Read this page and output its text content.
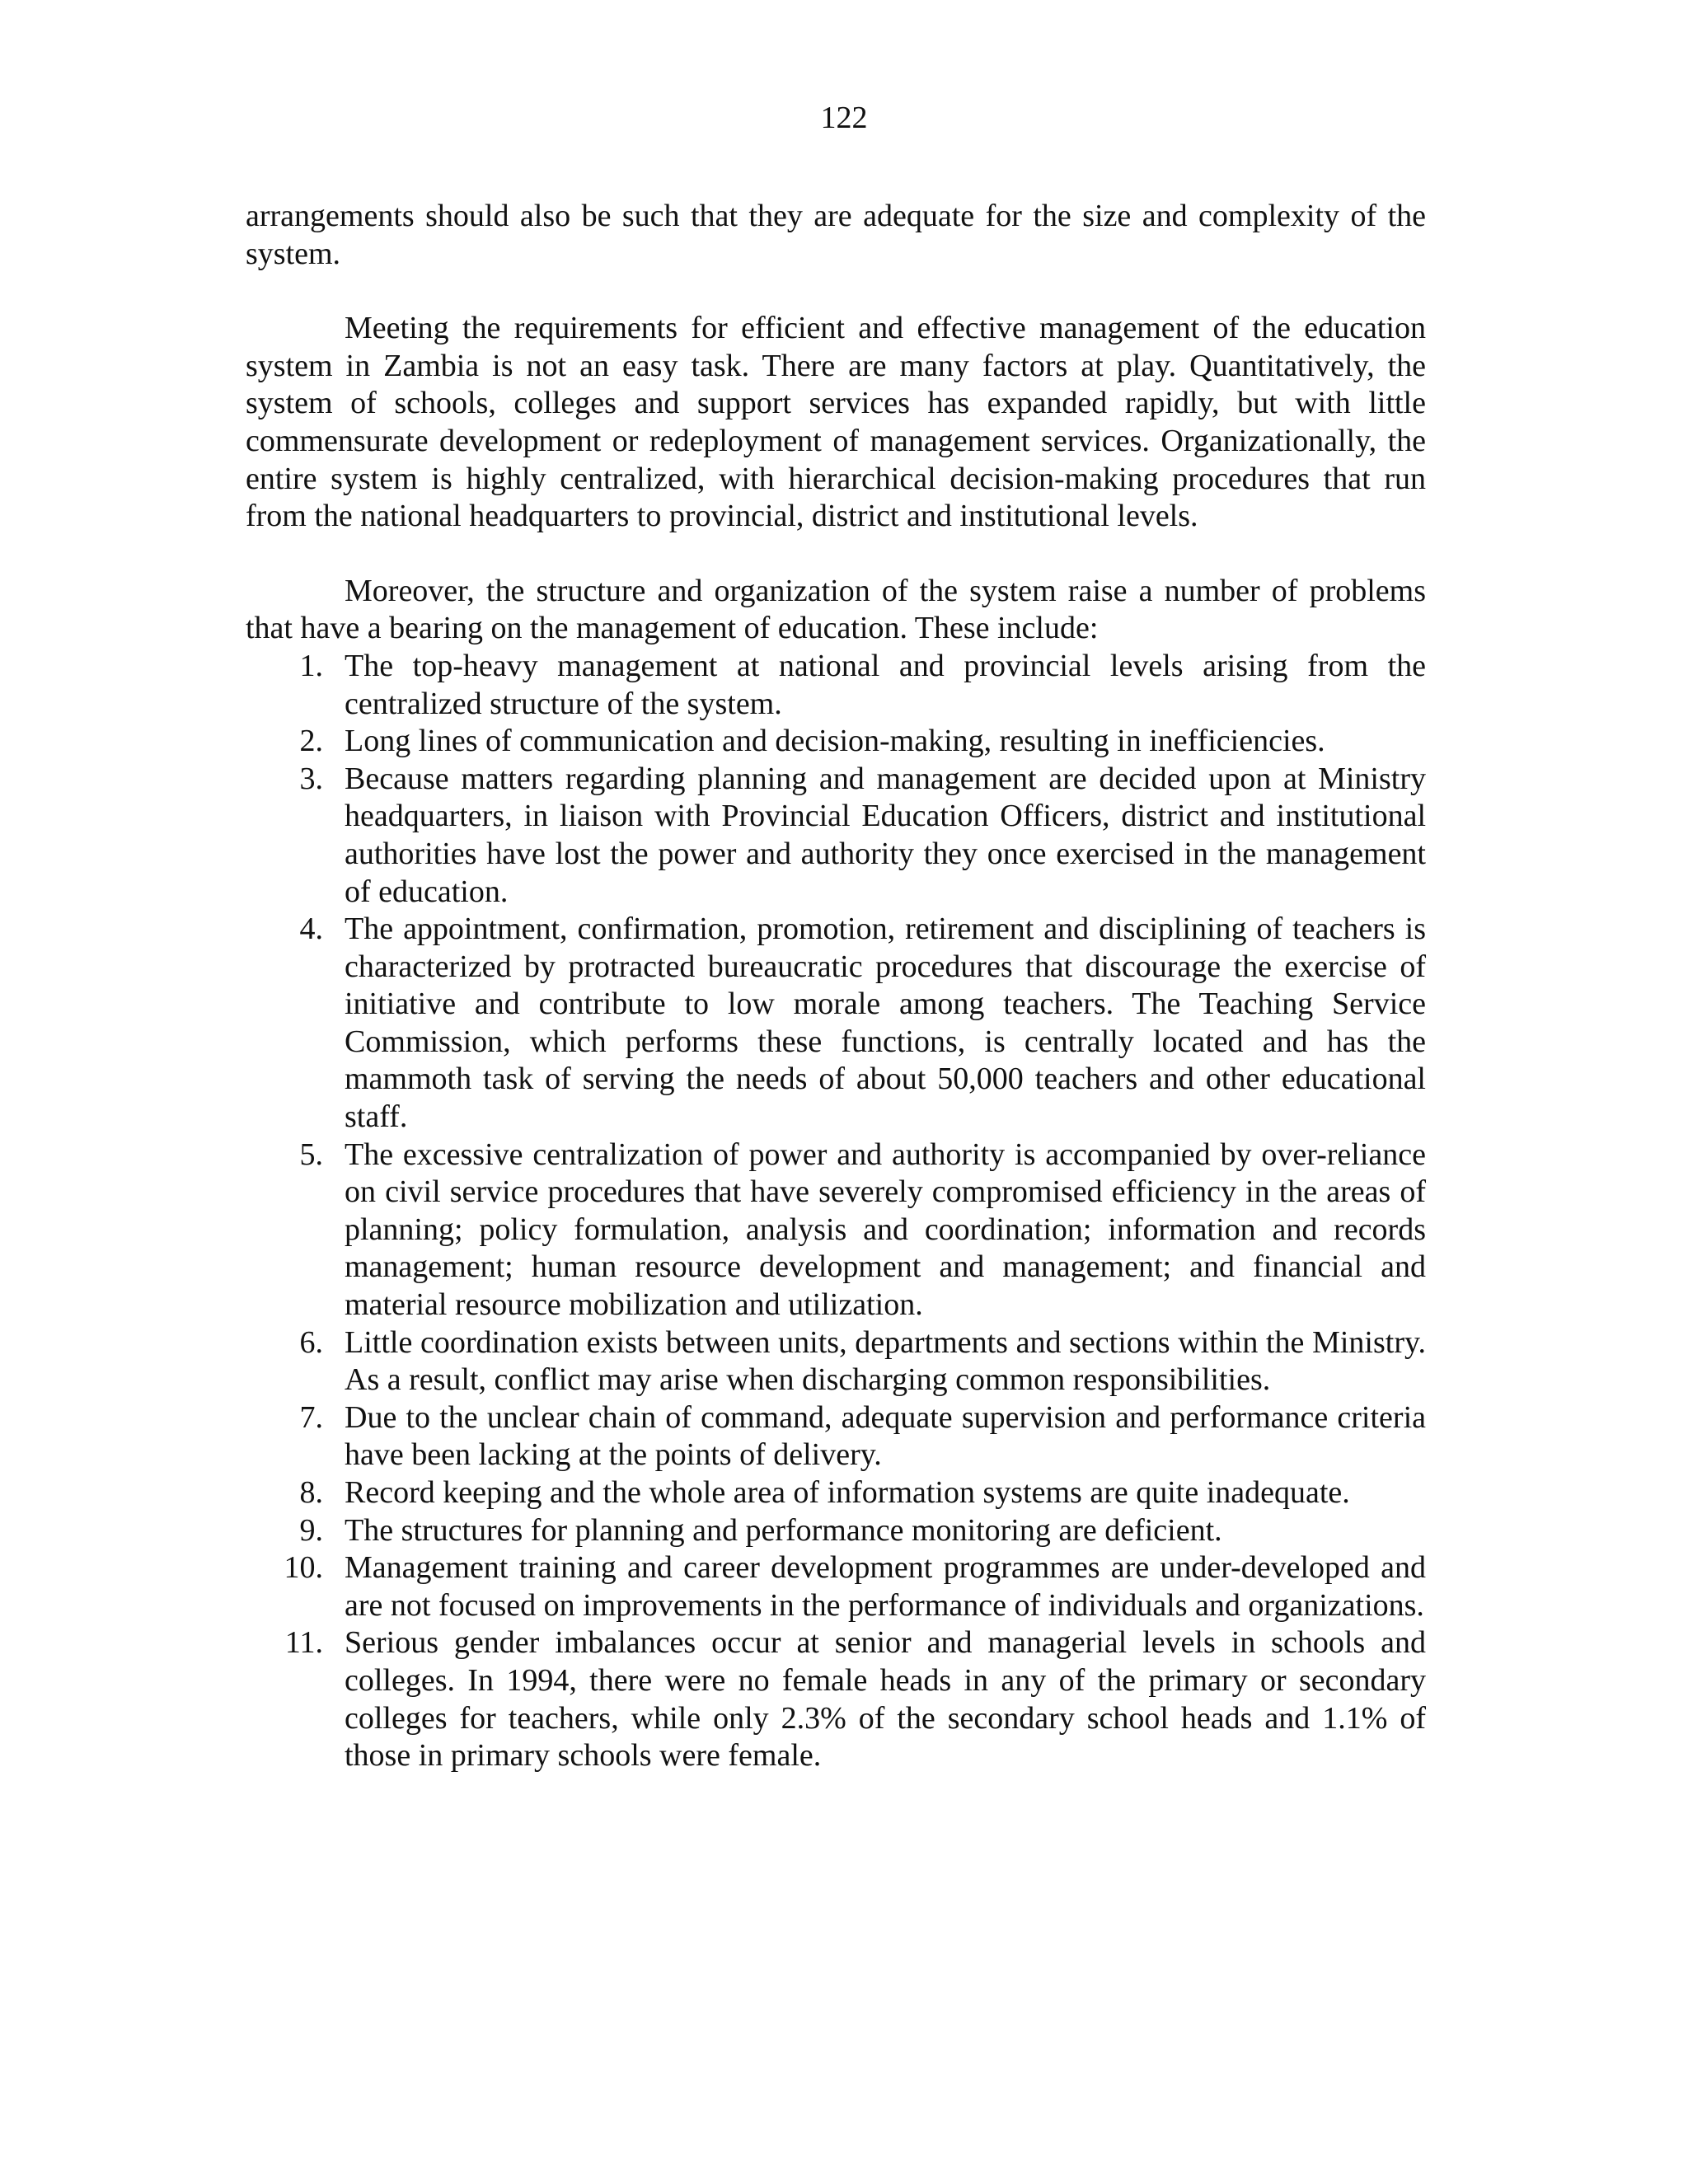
122

arrangements should also be such that they are adequate for the size and complexity of the system.

Meeting the requirements for efficient and effective management of the education system in Zambia is not an easy task. There are many factors at play. Quantitatively, the system of schools, colleges and support services has expanded rapidly, but with little commensurate development or redeployment of management services. Organizationally, the entire system is highly centralized, with hierarchical decision-making procedures that run from the national headquarters to provincial, district and institutional levels.

Moreover, the structure and organization of the system raise a number of problems that have a bearing on the management of education. These include:

1. The top-heavy management at national and provincial levels arising from the centralized structure of the system.
2. Long lines of communication and decision-making, resulting in inefficiencies.
3. Because matters regarding planning and management are decided upon at Ministry headquarters, in liaison with Provincial Education Officers, district and institutional authorities have lost the power and authority they once exercised in the management of education.
4. The appointment, confirmation, promotion, retirement and disciplining of teachers is characterized by protracted bureaucratic procedures that discourage the exercise of initiative and contribute to low morale among teachers. The Teaching Service Commission, which performs these functions, is centrally located and has the mammoth task of serving the needs of about 50,000 teachers and other educational staff.
5. The excessive centralization of power and authority is accompanied by over-reliance on civil service procedures that have severely compromised efficiency in the areas of planning; policy formulation, analysis and coordination; information and records management; human resource development and management; and financial and material resource mobilization and utilization.
6. Little coordination exists between units, departments and sections within the Ministry. As a result, conflict may arise when discharging common responsibilities.
7. Due to the unclear chain of command, adequate supervision and performance criteria have been lacking at the points of delivery.
8. Record keeping and the whole area of information systems are quite inadequate.
9. The structures for planning and performance monitoring are deficient.
10. Management training and career development programmes are under-developed and are not focused on improvements in the performance of individuals and organizations.
11. Serious gender imbalances occur at senior and managerial levels in schools and colleges. In 1994, there were no female heads in any of the primary or secondary colleges for teachers, while only 2.3% of the secondary school heads and 1.1% of those in primary schools were female.
